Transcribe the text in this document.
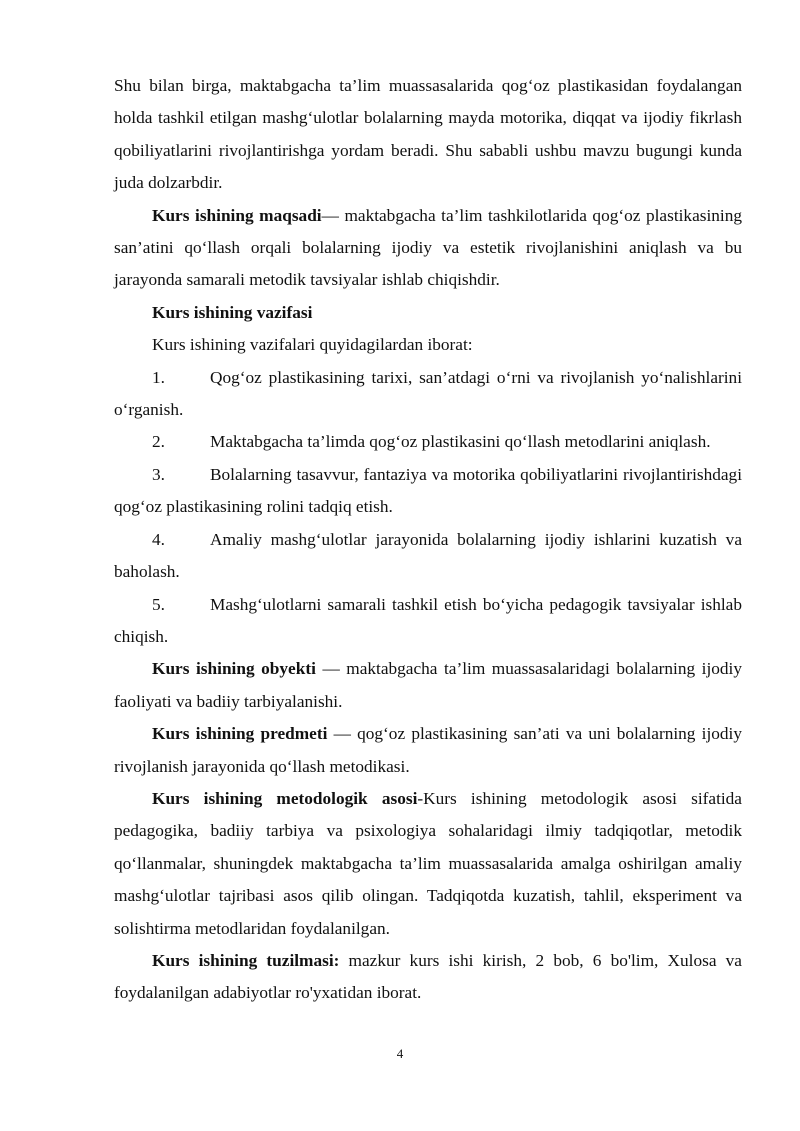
Shu bilan birga, maktabgacha ta’lim muassasalarida qog‘oz plastikasidan foydalangan holda tashkil etilgan mashg‘ulotlar bolalarning mayda motorika, diqqat va ijodiy fikrlash qobiliyatlarini rivojlantirishga yordam beradi. Shu sababli ushbu mavzu bugungi kunda juda dolzarbdir.

Kurs ishining maqsadi— maktabgacha ta’lim tashkilotlarida qog‘oz plastikasining san’atini qo‘llash orqali bolalarning ijodiy va estetik rivojlanishini aniqlash va bu jarayonda samarali metodik tavsiyalar ishlab chiqishdir.

Kurs ishining vazifasi

Kurs ishining vazifalari quyidagilardan iborat:

1.	Qog‘oz plastikasining tarixi, san’atdagi o‘rni va rivojlanish yo‘nalishlarini o‘rganish.

2.	Maktabgacha ta’limda qog‘oz plastikasini qo‘llash metodlarini aniqlash.

3.	Bolalarning tasavvur, fantaziya va motorika qobiliyatlarini rivojlantirishdagi qog‘oz plastikasining rolini tadqiq etish.

4.	Amaliy mashg‘ulotlar jarayonida bolalarning ijodiy ishlarini kuzatish va baholash.

5.	Mashg‘ulotlarni samarali tashkil etish bo‘yicha pedagogik tavsiyalar ishlab chiqish.

Kurs ishining obyekti — maktabgacha ta’lim muassasalaridagi bolalarning ijodiy faoliyati va badiiy tarbiyalanishi.

Kurs ishining predmeti — qog‘oz plastikasining san’ati va uni bolalarning ijodiy rivojlanish jarayonida qo‘llash metodikasi.

Kurs ishining metodologik asosi-Kurs ishining metodologik asosi sifatida pedagogika, badiiy tarbiya va psixologiya sohalaridagi ilmiy tadqiqotlar, metodik qo‘llanmalar, shuningdek maktabgacha ta’lim muassasalarida amalga oshirilgan amaliy mashg‘ulotlar tajribasi asos qilib olingan. Tadqiqotda kuzatish, tahlil, eksperiment va solishtirma metodlaridan foydalanilgan.

Kurs ishining tuzilmasi: mazkur kurs ishi kirish, 2 bob, 6 bo'lim, Xulosa va foydalanilgan adabiyotlar ro'yxatidan iborat.

4
